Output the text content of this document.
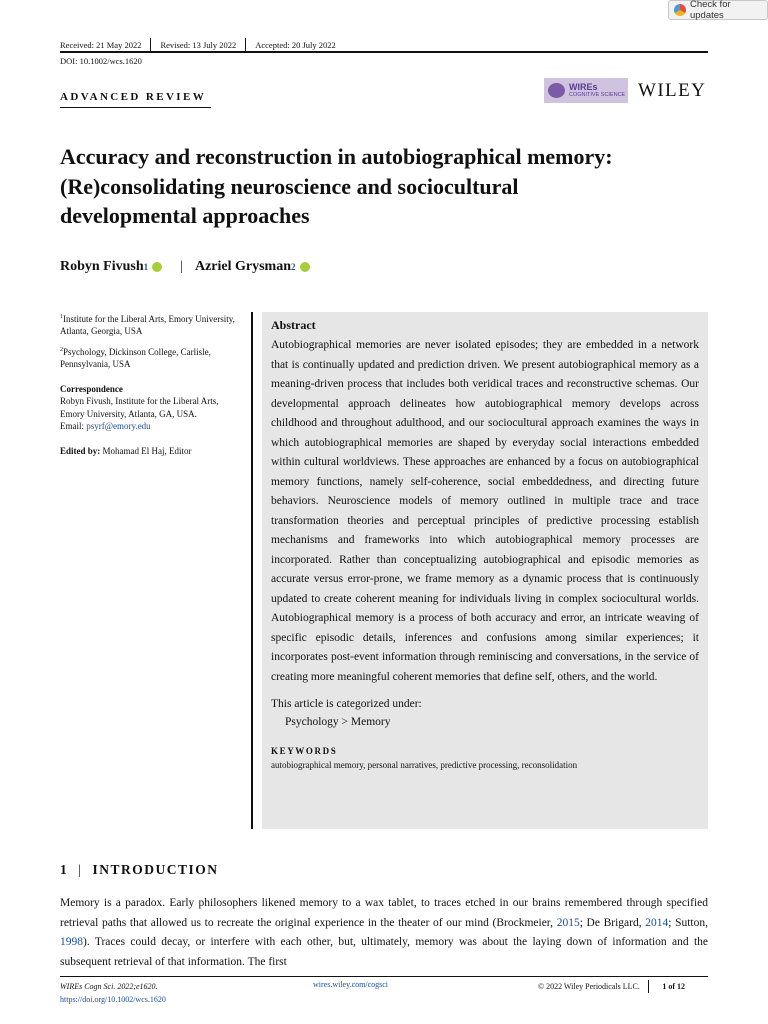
Check for updates
Received: 21 May 2022	Revised: 13 July 2022	Accepted: 20 July 2022
DOI: 10.1002/wcs.1620
ADVANCED REVIEW
WIREs
COGNITIVE SCIENCE WILEY
Accuracy and reconstruction in autobiographical memory:
(Re)consolidating neuroscience and sociocultural
developmental approaches
Robyn Fivush 1 | Azriel Grysman 2

$^1$Institute for the Liberal Arts, Emory University, Atlanta, Georgia, USA

$^2$Psychology, Dickinson College, Carlisle, Pennsylvania, USA

Correspondence
Robyn Fivush, Institute for the Liberal Arts, Emory University, Atlanta, GA, USA.
Email: psyrf@emory.edu
Edited by: Mohamad El Haj, Editor
Abstract
Autobiographical memories are never isolated episodes; they are embedded in a network that is continually updated and prediction driven. We present autobiographical memory as a meaning-driven process that includes both veridical traces and reconstructive schemas. Our developmental approach delineates how autobiographical memory develops across childhood and throughout adulthood, and our sociocultural approach examines the ways in which autobiographical memories are shaped by everyday social interactions embedded within cultural worldviews. These approaches are enhanced by a focus on autobiographical memory functions, namely self-coherence, social embeddedness, and directing future behaviors. Neuroscience models of memory outlined in multiple trace and trace transformation theories and perceptual principles of predictive processing establish mechanisms and frameworks into which autobiographical memory processes are incorporated. Rather than conceptualizing autobiographical and episodic memories as accurate versus error-prone, we frame memory as a dynamic process that is continuously updated to create coherent meaning for individuals living in complex sociocultural worlds. Autobiographical memory is a process of both accuracy and error, an intricate weaving of specific episodic details, inferences and confusions among similar experiences; it incorporates post-event information through reminiscing and conversations, in the service of creating more meaningful coherent memories that define self, others, and the world.
This article is categorized under:
Psychology > Memory
KEYWORDS
autobiographical memory, personal narratives, predictive processing, reconsolidation
1 | INTRODUCTION

Memory is a paradox. Early philosophers likened memory to a wax tablet, to traces etched in our brains remembered through specified retrieval paths that allowed us to recreate the original experience in the theater of our mind (Brockmeier, 2015; De Brigard, 2014; Sutton, 1998). Traces could decay, or interfere with each other, but, ultimately, memory was about the laying down of information and the subsequent retrieval of that information. The first

WIREs Cogn Sci. 2022;e1620.
https://doi.org/10.1002/wcs.1620
wires.wiley.com/cogsci	© 2022 Wiley Periodicals LLC.	1 of 12
